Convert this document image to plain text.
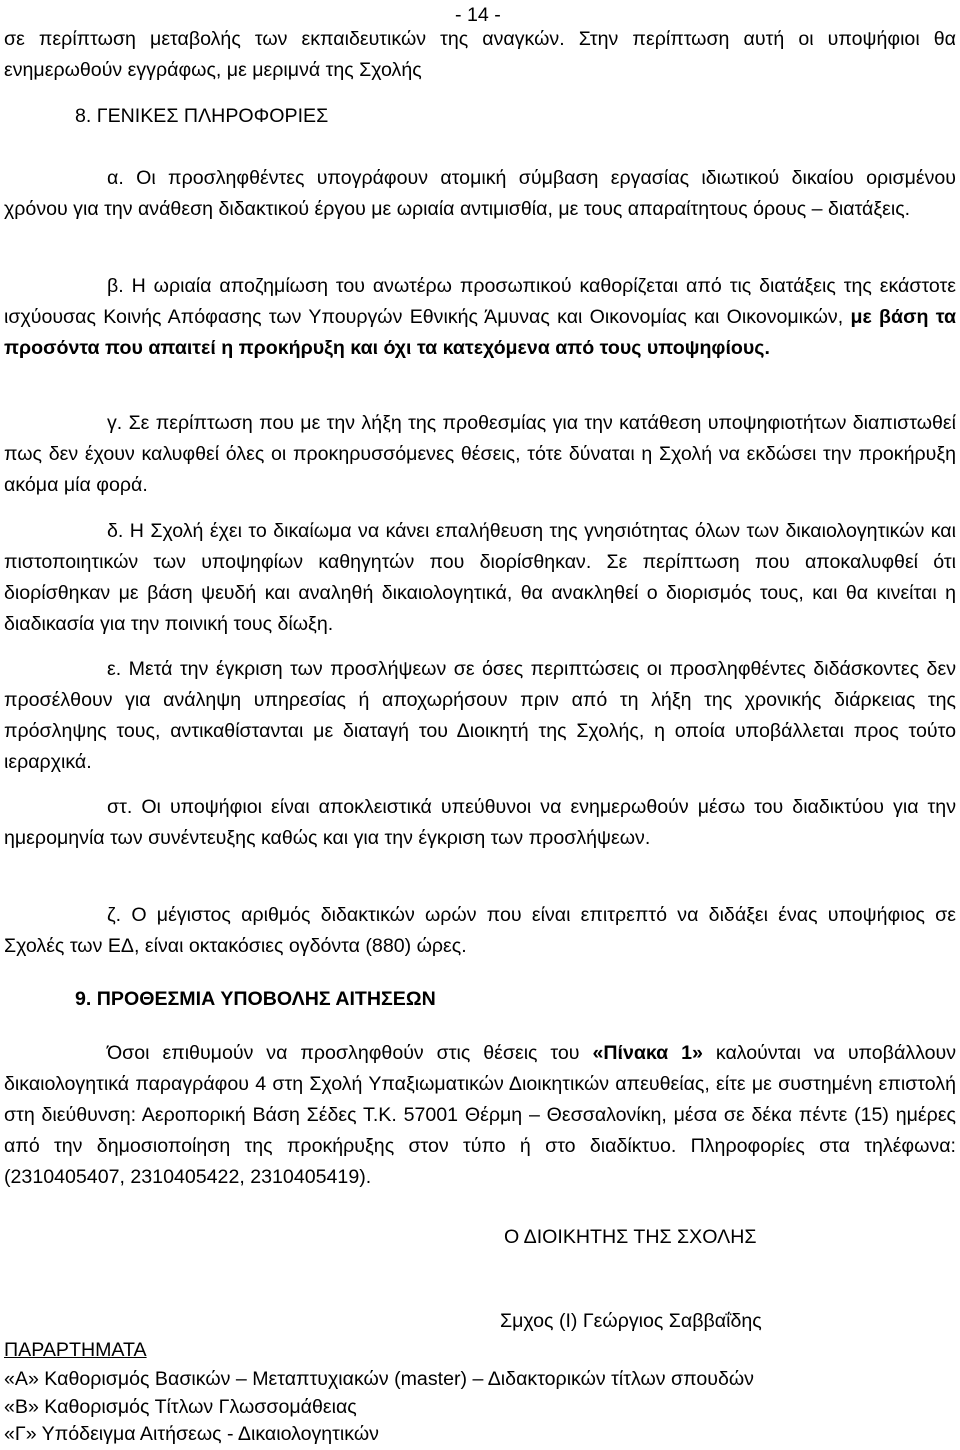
- 14 -

σε περίπτωση μεταβολής των εκπαιδευτικών της αναγκών. Στην περίπτωση αυτή οι υποψήφιοι θα ενημερωθούν εγγράφως, με μεριμνά της Σχολής

8. ΓΕΝΙΚΕΣ ΠΛΗΡΟΦΟΡΙΕΣ

α. Οι προσληφθέντες υπογράφουν ατομική σύμβαση εργασίας ιδιωτικού δικαίου ορισμένου χρόνου για την ανάθεση διδακτικού έργου με ωριαία αντιμισθία, με τους απαραίτητους όρους – διατάξεις.

β. Η ωριαία αποζημίωση του ανωτέρω προσωπικού καθορίζεται από τις διατάξεις της εκάστοτε ισχύουσας Κοινής Απόφασης των Υπουργών Εθνικής Άμυνας και Οικονομίας και Οικονομικών, με βάση τα προσόντα που απαιτεί η προκήρυξη και όχι τα κατεχόμενα από τους υποψηφίους.

γ. Σε περίπτωση που με την λήξη της προθεσμίας για την κατάθεση υποψηφιοτήτων διαπιστωθεί πως δεν έχουν καλυφθεί όλες οι προκηρυσσόμενες θέσεις, τότε δύναται η Σχολή να εκδώσει την προκήρυξη ακόμα μία φορά.

δ. Η Σχολή έχει το δικαίωμα να κάνει επαλήθευση της γνησιότητας όλων των δικαιολογητικών και πιστοποιητικών των υποψηφίων καθηγητών που διορίσθηκαν. Σε περίπτωση που αποκαλυφθεί ότι διορίσθηκαν με βάση ψευδή και αναληθή δικαιολογητικά, θα ανακληθεί ο διορισμός τους, και θα κινείται η διαδικασία για την ποινική τους δίωξη.

ε. Μετά την έγκριση των προσλήψεων σε όσες περιπτώσεις οι προσληφθέντες διδάσκοντες δεν προσέλθουν για ανάληψη υπηρεσίας ή αποχωρήσουν πριν από τη λήξη της χρονικής διάρκειας της πρόσληψης τους, αντικαθίστανται με διαταγή του Διοικητή της Σχολής, η οποία υποβάλλεται προς τούτο ιεραρχικά.

στ. Οι υποψήφιοι είναι αποκλειστικά υπεύθυνοι να ενημερωθούν μέσω του διαδικτύου για την ημερομηνία των συνέντευξης καθώς και για την έγκριση των προσλήψεων.

ζ. Ο μέγιστος αριθμός διδακτικών ωρών που είναι επιτρεπτό να διδάξει ένας υποψήφιος σε Σχολές των ΕΔ, είναι οκτακόσιες ογδόντα (880) ώρες.

9. ΠΡΟΘΕΣΜΙΑ ΥΠΟΒΟΛΗΣ ΑΙΤΗΣΕΩΝ

Όσοι επιθυμούν να προσληφθούν στις θέσεις του «Πίνακα 1» καλούνται να υποβάλλουν δικαιολογητικά παραγράφου 4 στη Σχολή Υπαξιωματικών Διοικητικών απευθείας, είτε με συστημένη επιστολή στη διεύθυνση: Αεροπορική Βάση Σέδες Τ.Κ. 57001 Θέρμη – Θεσσαλονίκη, μέσα σε δέκα πέντε (15) ημέρες από την δημοσιοποίηση της προκήρυξης στον τύπο ή στο διαδίκτυο. Πληροφορίες στα τηλέφωνα: (2310405407, 2310405422, 2310405419).

Ο ΔΙΟΙΚΗΤΗΣ ΤΗΣ ΣΧΟΛΗΣ
Σμχος (Ι) Γεώργιος Σαββαΐδης
ΠΑΡΑΡΤΗΜΑΤΑ
«Α» Καθορισμός Βασικών – Μεταπτυχιακών (master) – Διδακτορικών τίτλων σπουδών
«Β» Καθορισμός Τίτλων Γλωσσομάθειας
«Γ» Υπόδειγμα Αιτήσεως - Δικαιολογητικών
